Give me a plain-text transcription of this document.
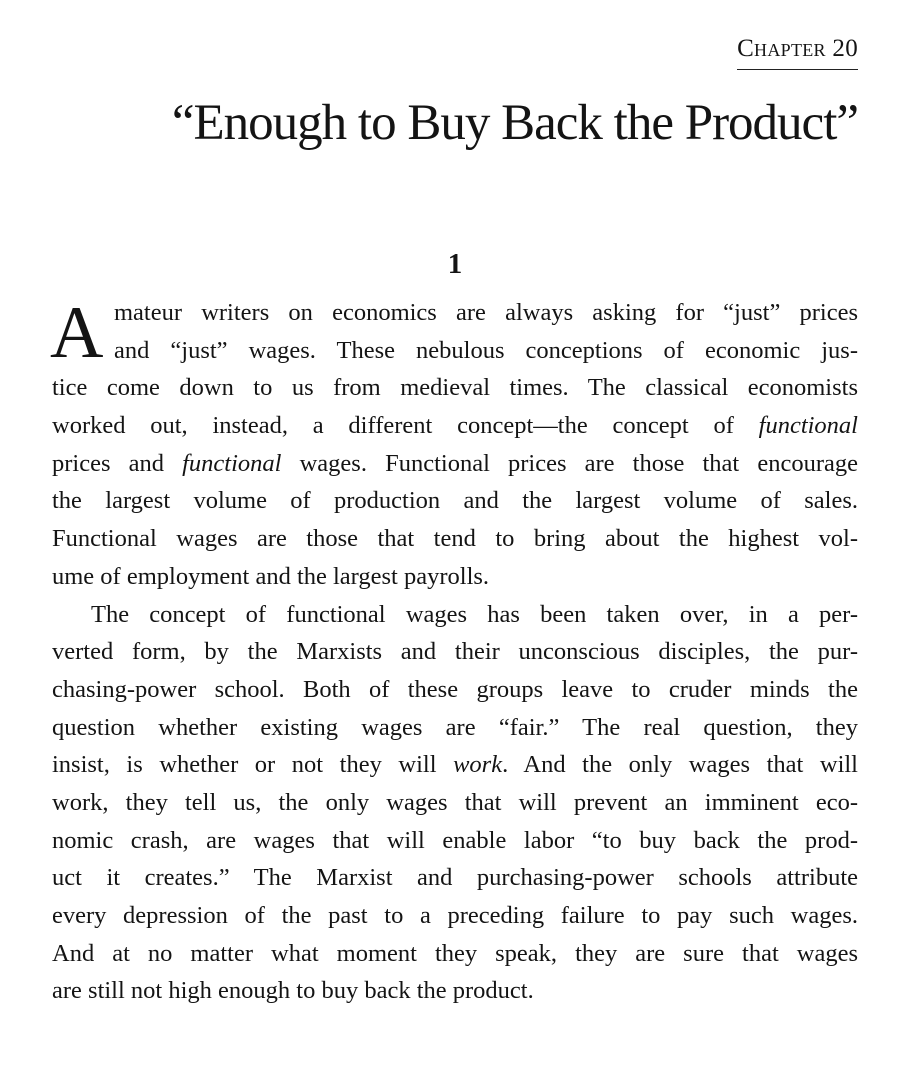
Chapter 20
“Enough to Buy Back the Product”
1
A mateur writers on economics are always asking for “just” prices
and “just” wages. These nebulous conceptions of economic jus-
tice come down to us from medieval times. The classical economists
worked out, instead, a different concept—the concept of functional
prices and functional wages. Functional prices are those that encourage
the largest volume of production and the largest volume of sales.
Functional wages are those that tend to bring about the highest vol-
ume of employment and the largest payrolls.
The concept of functional wages has been taken over, in a per-
verted form, by the Marxists and their unconscious disciples, the pur-
chasing-power school. Both of these groups leave to cruder minds the
question whether existing wages are “fair.” The real question, they
insist, is whether or not they will work. And the only wages that will
work, they tell us, the only wages that will prevent an imminent eco-
nomic crash, are wages that will enable labor “to buy back the prod-
uct it creates.” The Marxist and purchasing-power schools attribute
every depression of the past to a preceding failure to pay such wages.
And at no matter what moment they speak, they are sure that wages
are still not high enough to buy back the product.
